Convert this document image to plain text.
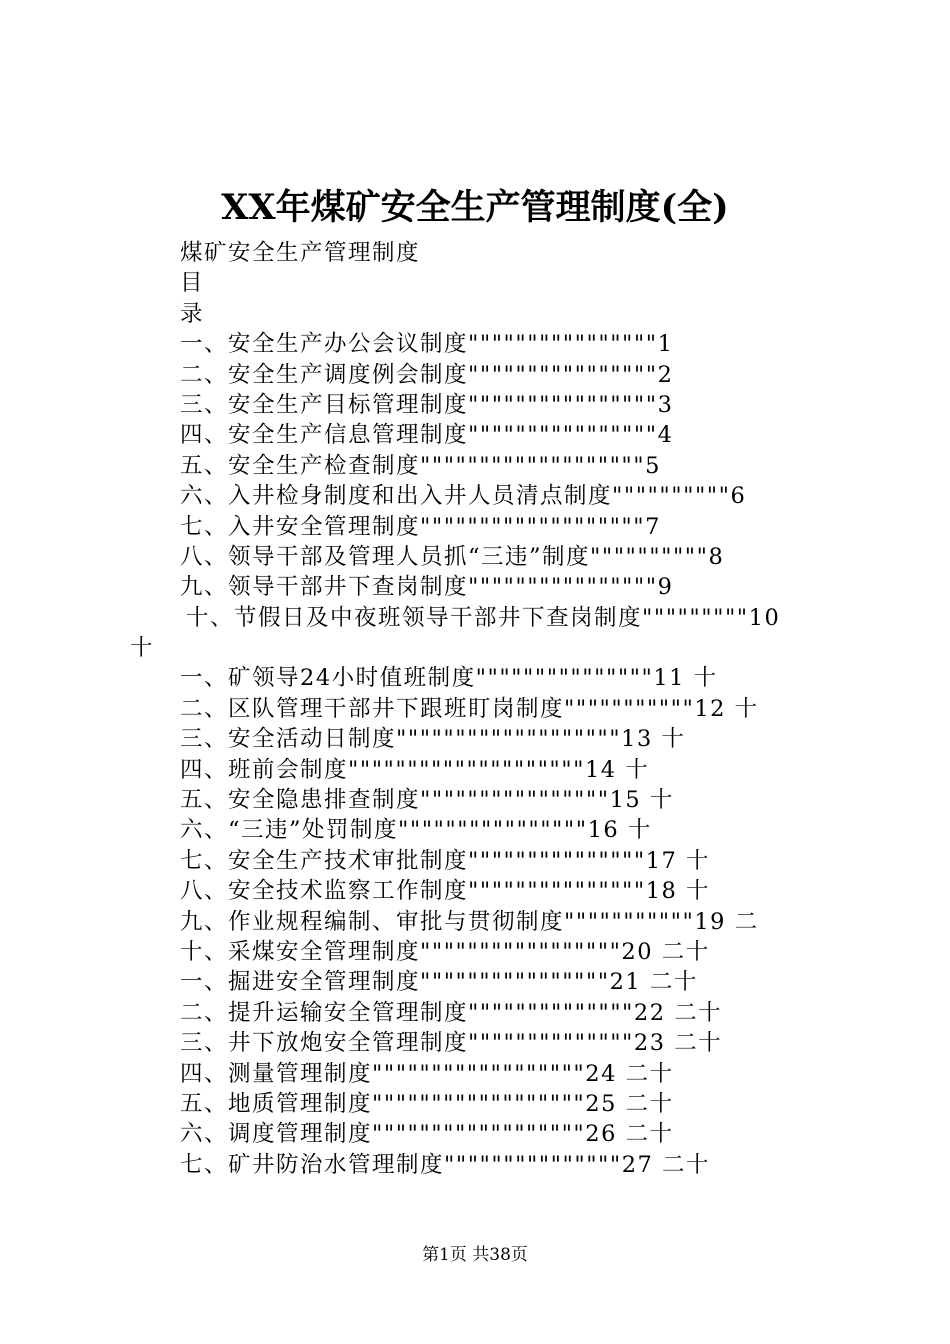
XX年煤矿安全生产管理制度(全)
煤矿安全生产管理制度
目
录
一、安全生产办公会议制度""""""""""""""""1
二、安全生产调度例会制度""""""""""""""""2
三、安全生产目标管理制度""""""""""""""""3
四、安全生产信息管理制度""""""""""""""""4
五、安全生产检查制度"""""""""""""""""""5
六、入井检身制度和出入井人员清点制度""""""""""6
七、入井安全管理制度"""""""""""""""""""7
八、领导干部及管理人员抓“三违”制度""""""""""8
九、领导干部井下查岗制度""""""""""""""""9
十、节假日及中夜班领导干部井下查岗制度"""""""""10
十
一、矿领导24小时值班制度"""""""""""""""11 十
二、区队管理干部井下跟班盯岗制度"""""""""""12 十
三、安全活动日制度"""""""""""""""""""13 十
四、班前会制度""""""""""""""""""""14 十
五、安全隐患排查制度""""""""""""""""15 十
六、“三违”处罚制度""""""""""""""""16 十
七、安全生产技术审批制度"""""""""""""""17 十
八、安全技术监察工作制度"""""""""""""""18 十
九、作业规程编制、审批与贯彻制度"""""""""""19 二
十、采煤安全管理制度"""""""""""""""""20 二十
一、掘进安全管理制度""""""""""""""""21 二十
二、提升运输安全管理制度""""""""""""""22 二十
三、井下放炮安全管理制度""""""""""""""23 二十
四、测量管理制度""""""""""""""""""24 二十
五、地质管理制度""""""""""""""""""25 二十
六、调度管理制度""""""""""""""""""26 二十
七、矿井防治水管理制度"""""""""""""""27 二十
第1页 共38页
